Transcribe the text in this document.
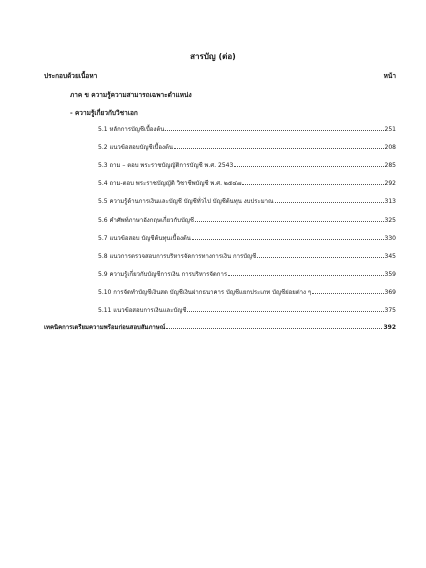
สารบัญ (ต่อ)
ประกอบด้วยเนื้อหา	หน้า
ภาค ข ความรู้ความสามารถเฉพาะตำแหน่ง
- ความรู้เกี่ยวกับวิชาเอก
5.1 หลักการบัญชีเบื้องต้น	251
5.2 แนวข้อสอบบัญชีเบื้องต้น	208
5.3 ถาม – ตอบ พระราชบัญญัติการบัญชี พ.ศ. 2543	285
5.4 ถาม-ตอบ พระราชบัญญัติ วิชาชีพบัญชี พ.ศ. ๒๕๔๗	292
5.5 ความรู้ด้านการเงินและบัญชี บัญชีทั่วไป บัญชีต้นทุน งบประมาณ	313
5.6 คำศัพท์ภาษาอังกฤษเกี่ยวกับบัญชี	325
5.7 แนวข้อสอบ บัญชีต้นทุนเบื้องต้น	330
5.8 แนวการตรวจสอบการบริหารจัดการทางการเงิน การบัญชี	345
5.9 ความรู้เกี่ยวกับบัญชีการเงิน การบริหารจัดการ	359
5.10 การจัดทำบัญชีเงินสด บัญชีเงินฝากธนาคาร บัญชีแยกประเภท บัญชีย่อยต่าง ๆ	369
5.11 แนวข้อสอบการเงินและบัญชี	375
เทคนิคการเตรียมความพร้อมก่อนสอบสัมภาษณ์	392
